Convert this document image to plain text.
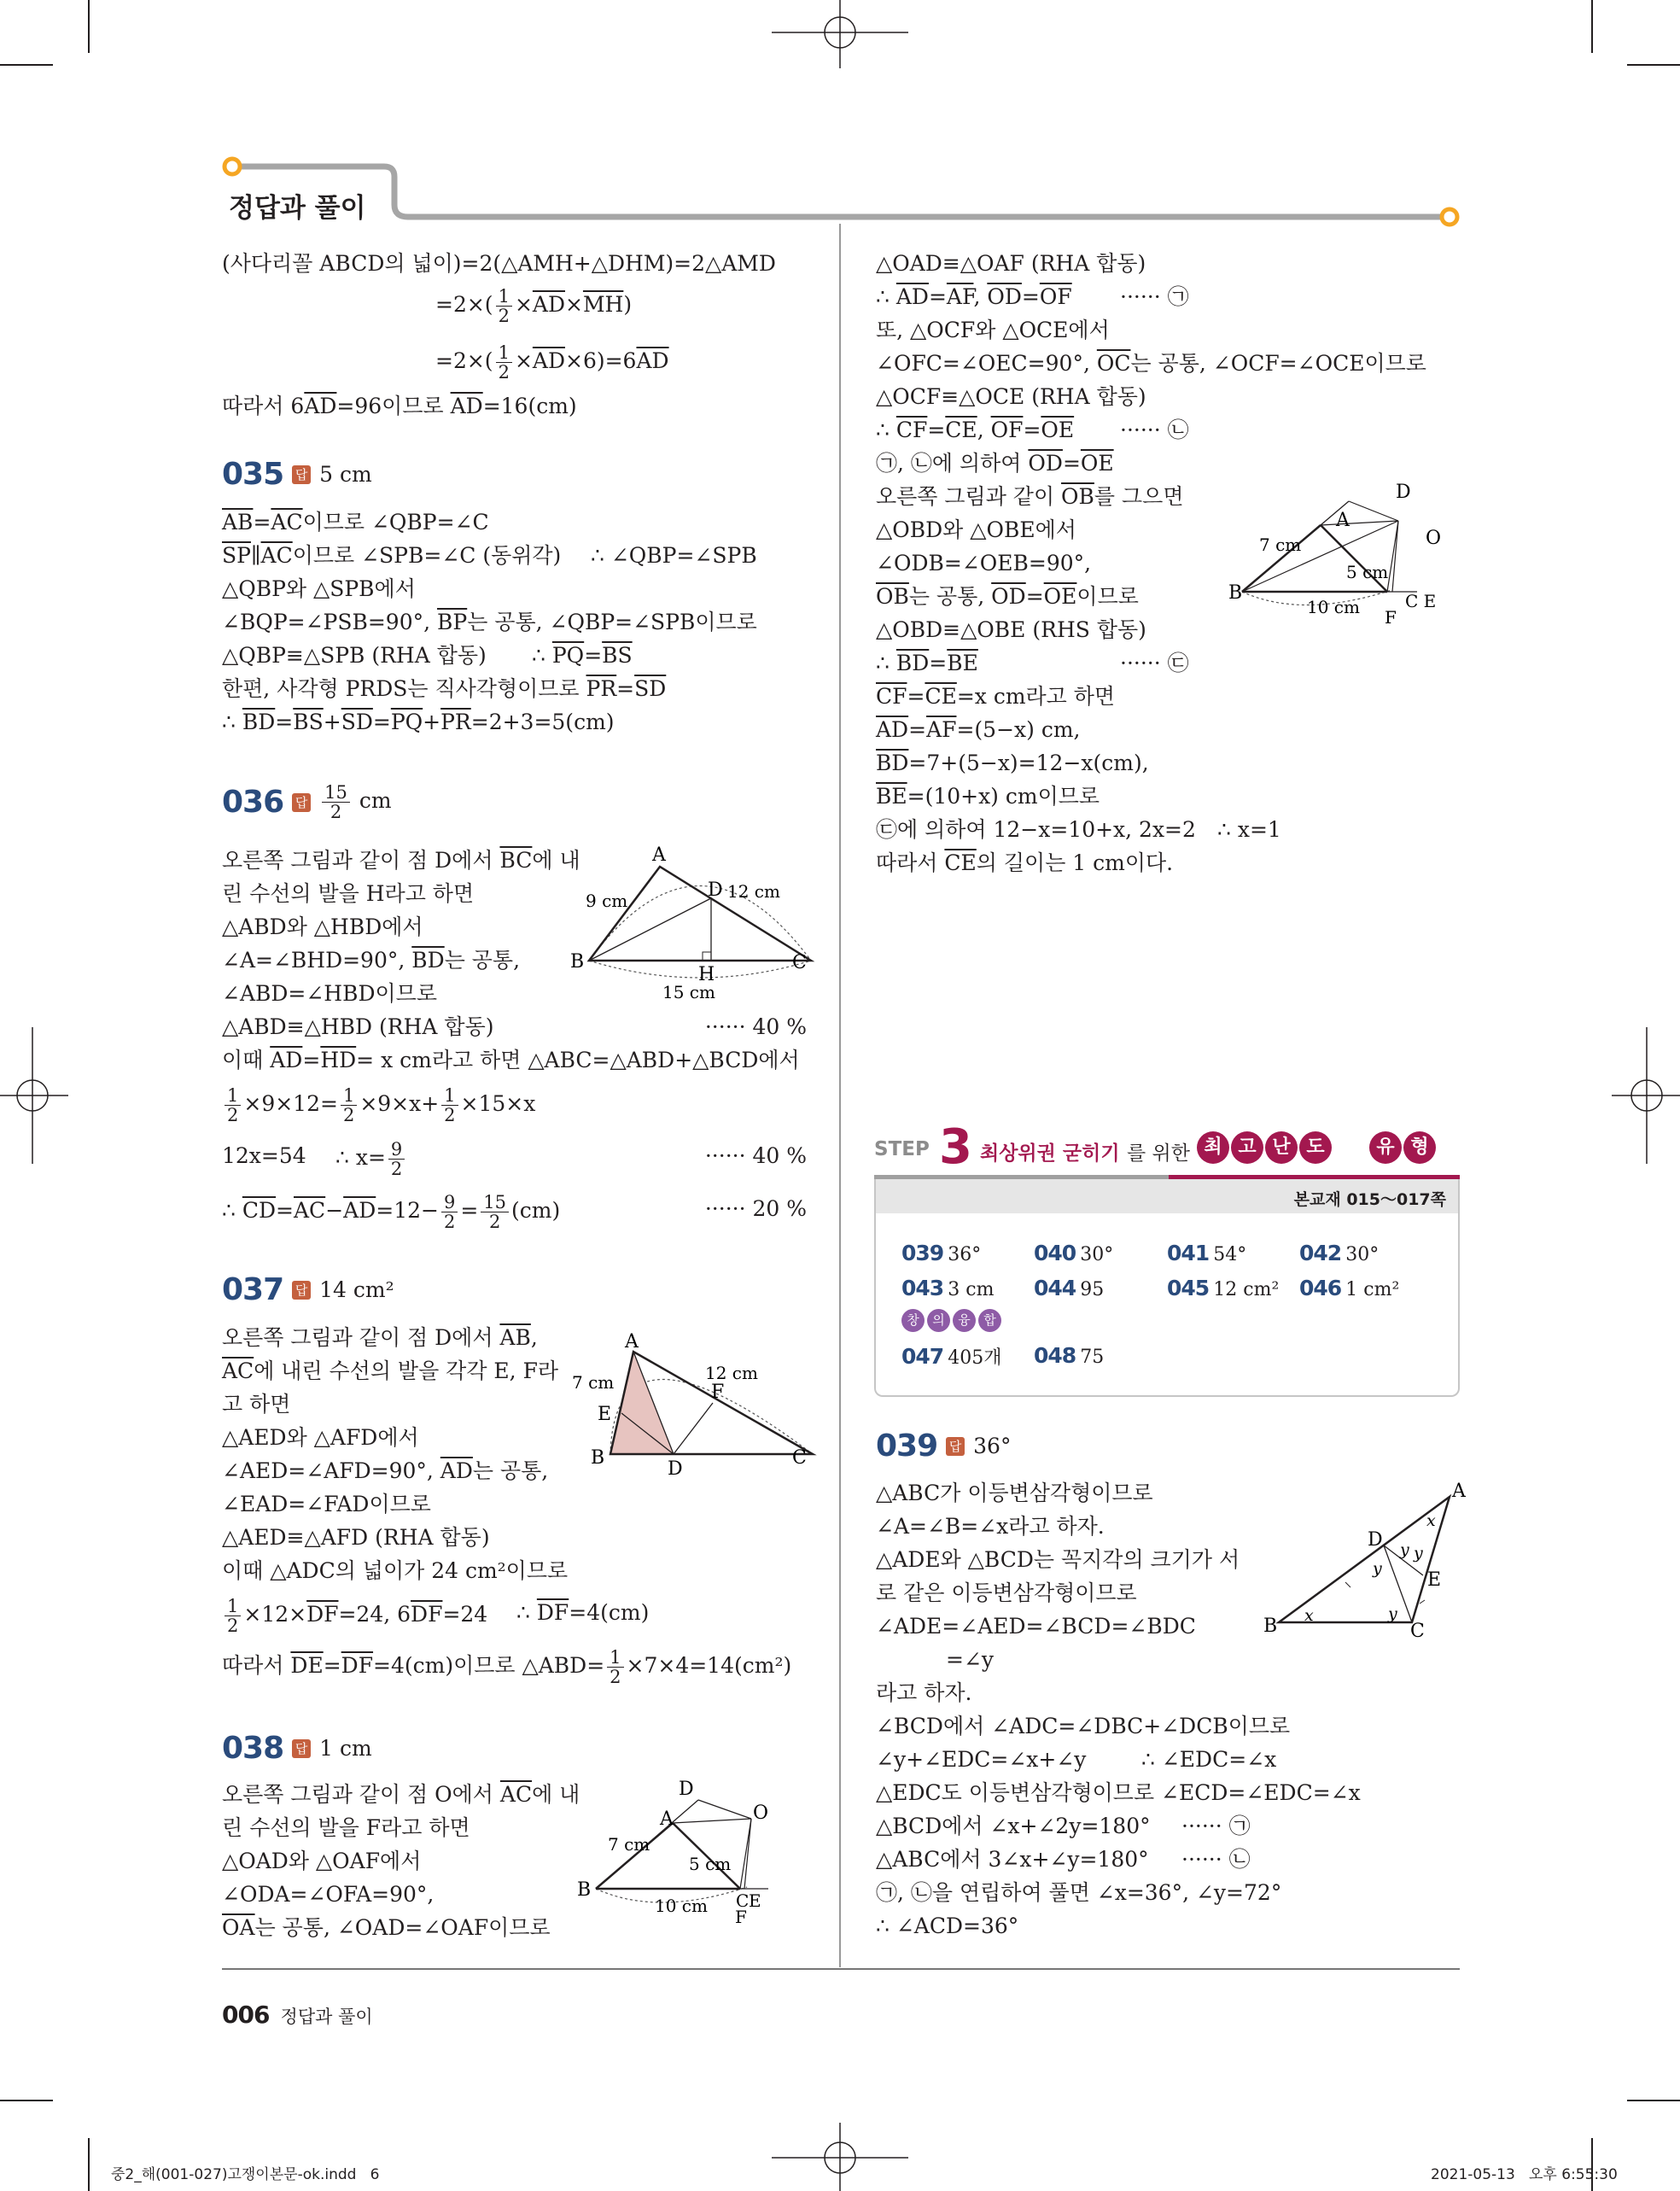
정답과 풀이
(사다리꼴 ABCD의 넓이)=2(△AMH+△DHM)=2△AMD
$=2\times( \frac{1}{2} \times\overline{AD}\times\overline{MH})$
$=2\times( \frac{1}{2} \times\overline{AD}\times 6)=6\overline{AD}$
따라서 $6\overline{AD}=96$이므로 $\overline{AD}=16(cm)$
035 답 5 cm
$\overline{AB}=\overline{AC}$이므로 ∠QBP=∠C
$\overline{SP}\parallel\overline{AC}$이므로 ∠SPB=∠C (동위각) ∴ ∠QBP=∠SPB
△QBP와 △SPB에서
∠BQP=∠PSB=90°, $\overline{BP}$는 공통, ∠QBP=∠SPB이므로
△QBP≡△SPB (RHA 합동) ∴ $\overline{PQ}=\overline{BS}$
한편, 사각형 PRDS는 직사각형이므로 $\overline{PR}=\overline{SD}$
∴ $\overline{BD}=\overline{BS}+\overline{SD}=\overline{PQ}+\overline{PR}=2+3=5(cm)$
036 답 $\frac{15}{2}$ cm
오른쪽 그림과 같이 점 D에서 $\overline{BC}$에 내
린 수선의 발을 H라고 하면
△ABD와 △HBD에서
∠A=∠BHD=90°, $\overline{BD}$는 공통,
∠ABD=∠HBD이므로
△ABD≡△HBD (RHA 합동)	······ 40 %
이때 $\overline{AD}=\overline{HD}= x$ cm라고 하면 △ABC=△ABD+△BCD에서
$\frac{1}{2} \times 9\times 12= \frac{1}{2} \times 9\times x+ \frac{1}{2} \times 15\times x$
12x=54 ∴ $x= \frac{9}{2}$	······ 40 %
∴ $\overline{CD}=\overline{AC}-\overline{AD}=12- \frac{9}{2} = \frac{15}{2} (cm)$	······ 20 %
037 답 14 cm²
오른쪽 그림과 같이 점 D에서 $\overline{AB}$,
$\overline{AC}$에 내린 수선의 발을 각각 E, F라
고 하면
△AED와 △AFD에서
∠AED=∠AFD=90°, $\overline{AD}$는 공통,
∠EAD=∠FAD이므로
△AED≡△AFD (RHA 합동)
이때 △ADC의 넓이가 24 cm²이므로
$\frac{1}{2} \times 12\times\overline{DF}=24$, $6\overline{DF}=24$ ∴ $\overline{DF}=4(cm)$
따라서 $\overline{DE}=\overline{DF}=4(cm)$이므로 △ABD= $\frac{1}{2} \times 7\times 4=14(cm^2)$
038 답 1 cm
오른쪽 그림과 같이 점 O에서 $\overline{AC}$에 내
린 수선의 발을 F라고 하면
△OAD와 △OAF에서
∠ODA=∠OFA=90°,
$\overline{OA}$는 공통, ∠OAD=∠OAF이므로
A
B	C
D
H
9 cm	12 cm
15 cm
A
B	C
D
E
F
7 cm	12 cm
D
A	O
B	C E
F
7 cm
5 cm
10 cm
△OAD≡△OAF (RHA 합동)
∴ $\overline{AD}=\overline{AF}$, $\overline{OD}=\overline{OF}$ ······ ㉠
또, △OCF와 △OCE에서
∠OFC=∠OEC=90°, $\overline{OC}$는 공통, ∠OCF=∠OCE이므로
△OCF≡△OCE (RHA 합동)
∴ $\overline{CF}=\overline{CE}$, $\overline{OF}=\overline{OE}$ ······ ㉡
㉠, ㉡에 의하여 $\overline{OD}=\overline{OE}$
오른쪽 그림과 같이 $\overline{OB}$를 그으면
△OBD와 △OBE에서
∠ODB=∠OEB=90°,
$\overline{OB}$는 공통, $\overline{OD}=\overline{OE}$이므로
△OBD≡△OBE (RHS 합동)
∴ $\overline{BD}=\overline{BE}$	······ ㉢
$\overline{CF}=\overline{CE}=x$ cm라고 하면
$\overline{AD}=\overline{AF}=(5-x)$ cm,
$\overline{BD}=7+(5-x)=12-x(cm)$,
$\overline{BE}=(10+x)$ cm이므로
㉢에 의하여 12−x=10+x, 2x=2 ∴ x=1
따라서 $\overline{CE}$의 길이는 1 cm이다.
D
A
O
B	C E
F
7 cm
5 cm
10 cm
STEP 3 최상위권 굳히기 를 위한 최 고 난 도	유 형
본교재 015～017쪽
039 36° 040 30°	041 54° 042 30°
043 3 cm 044 95	045 12 cm² 046 1 cm²
창	의	융	합
047 405개 048 75
039 답 36°
△ABC가 이등변삼각형이므로
∠A=∠B=∠x라고 하자.
△ADE와 △BCD는 꼭지각의 크기가 서
로 같은 이등변삼각형이므로
∠ADE=∠AED=∠BCD=∠BDC
=∠y
라고 하자.
∠BCD에서 ∠ADC=∠DBC+∠DCB이므로
∠y+∠EDC=∠x+∠y	∴ ∠EDC=∠x
△EDC도 이등변삼각형이므로 ∠ECD=∠EDC=∠x
△BCD에서 ∠x+∠2y=180° ······ ㉠
△ABC에서 3∠x+∠y=180° ······ ㉡
㉠, ㉡을 연립하여 풀면 ∠x=36°, ∠y=72°
∴ ∠ACD=36°
A
B	C
D
E
x
x
y y
y
y
006 정답과 풀이
중2_해(001-027)고쟁이본문-ok.indd   6	2021-05-13   오후 6:55:30
